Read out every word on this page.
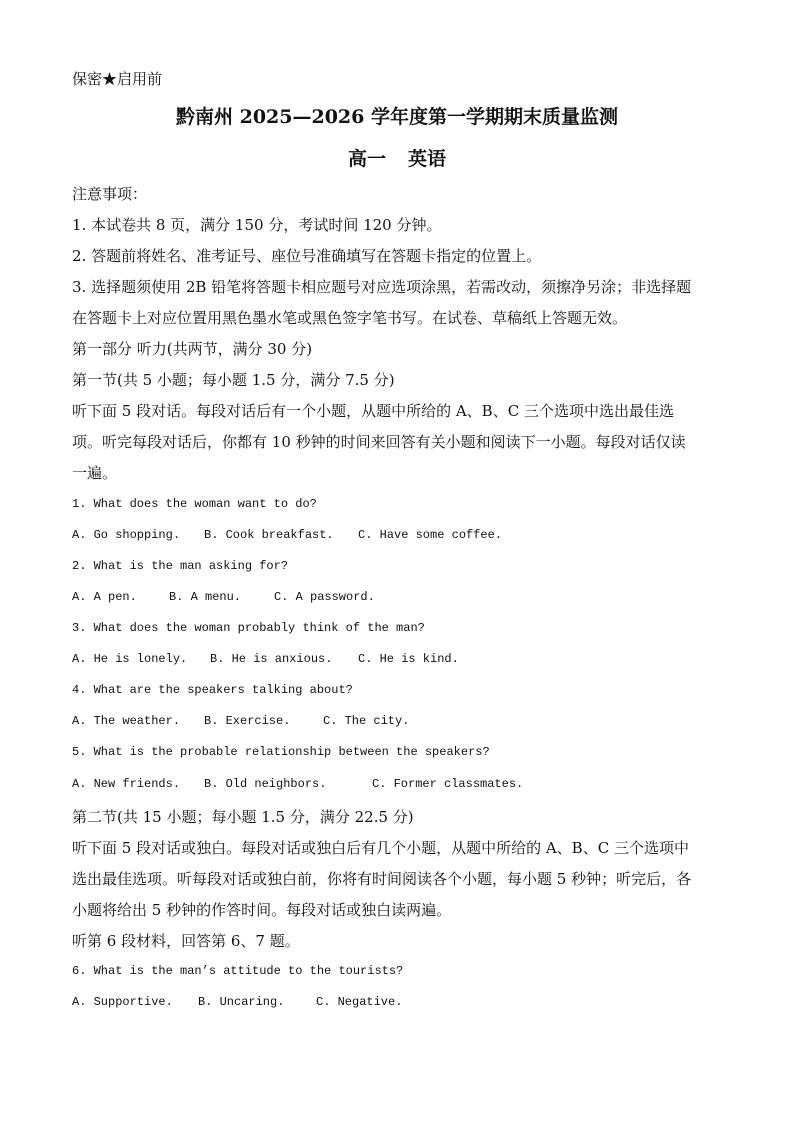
保密★启用前
黔南州 2025—2026 学年度第一学期期末质量监测
高一 英语
注意事项：
1. 本试卷共 8 页，满分 150 分，考试时间 120 分钟。
2. 答题前将姓名、准考证号、座位号准确填写在答题卡指定的位置上。
3. 选择题须使用 2B 铅笔将答题卡相应题号对应选项涂黑，若需改动，须擦净另涂；非选择题
在答题卡上对应位置用黑色墨水笔或黑色签字笔书写。在试卷、草稿纸上答题无效。
第一部分 听力(共两节，满分 30 分)
第一节(共 5 小题；每小题 1.5 分，满分 7.5 分)
听下面 5 段对话。每段对话后有一个小题，从题中所给的 A、B、C 三个选项中选出最佳选
项。听完每段对话后，你都有 10 秒钟的时间来回答有关小题和阅读下一小题。每段对话仅读
一遍。
1. What does the woman want to do?
A. Go shopping. B. Cook breakfast. C. Have some coffee.
2. What is the man asking for?
A. A pen.	B. A menu.	C. A password.
3. What does the woman probably think of the man?
A. He is lonely. B. He is anxious. C. He is kind.
4. What are the speakers talking about?
A. The weather. B. Exercise.	C. The city.
5. What is the probable relationship between the speakers?
A. New friends. B. Old neighbors.	C. Former classmates.
第二节(共 15 小题；每小题 1.5 分，满分 22.5 分)
听下面 5 段对话或独白。每段对话或独白后有几个小题，从题中所给的 A、B、C 三个选项中
选出最佳选项。听每段对话或独白前，你将有时间阅读各个小题，每小题 5 秒钟；听完后，各
小题将给出 5 秒钟的作答时间。每段对话或独白读两遍。
听第 6 段材料，回答第 6、7 题。
6. What is the man’s attitude to the tourists?
A. Supportive. B. Uncaring.	C. Negative.
